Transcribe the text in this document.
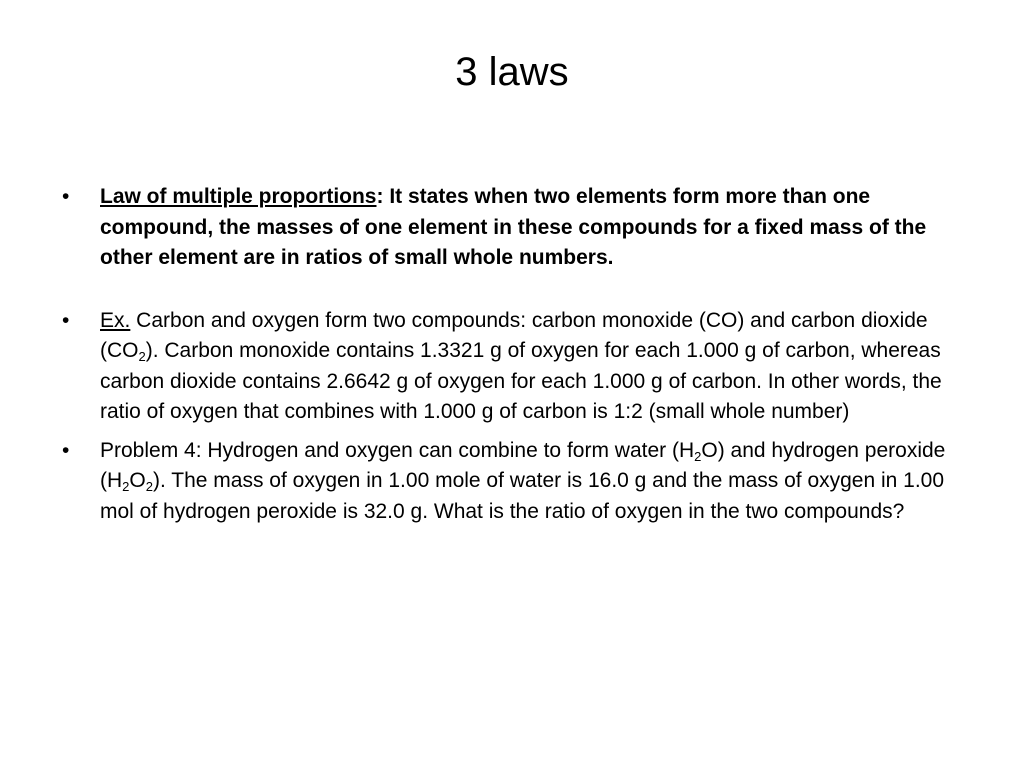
3 laws
•	Law of multiple proportions: It states when two elements form more than one compound, the masses of one element in these compounds for a fixed mass of the other element are in ratios of small whole numbers.
•	Ex. Carbon and oxygen form two compounds: carbon monoxide (CO) and carbon dioxide $(CO_2)$. Carbon monoxide contains 1.3321 g of oxygen for each 1.000 g of carbon, whereas carbon dioxide contains 2.6642 g of oxygen for each 1.000 g of carbon. In other words, the ratio of oxygen that combines with 1.000 g of carbon is 1:2 (small whole number)
•	Problem 4: Hydrogen and oxygen can combine to form water $(H_2O)$ and hydrogen peroxide $(H_2O_2)$. The mass of oxygen in 1.00 mole of water is 16.0 g and the mass of oxygen in 1.00 mol of hydrogen peroxide is 32.0 g. What is the ratio of oxygen in the two compounds?
